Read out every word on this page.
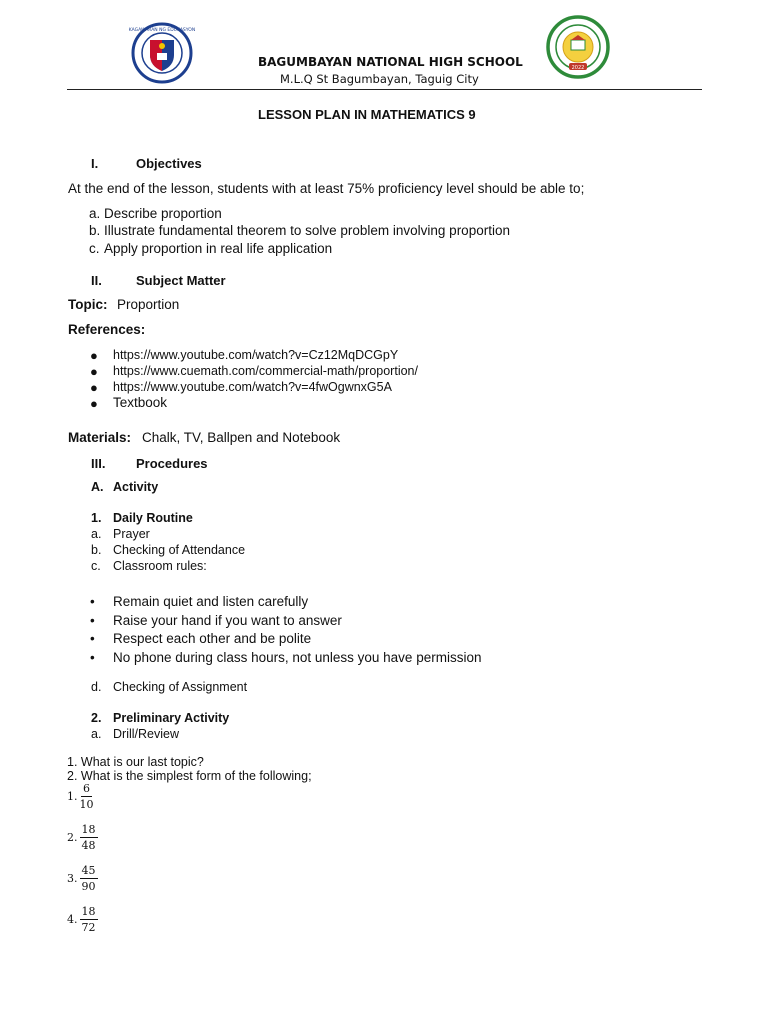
KAGAWARAN NG EDUKASYON
2022
BAGUMBAYAN NATIONAL HIGH SCHOOL
M.L.Q St Bagumbayan, Taguig City
LESSON PLAN IN MATHEMATICS 9
I.	Objectives
At the end of the lesson, students with at least 75% proficiency level should be able to;
a. Describe proportion
b. Illustrate fundamental theorem to solve problem involving proportion
c. Apply proportion in real life application
II.	Subject Matter
Topic: Proportion
References:
● https://www.youtube.com/watch?v=Cz12MqDCGpY
● https://www.cuemath.com/commercial-math/proportion/
● https://www.youtube.com/watch?v=4fwOgwnxG5A
● Textbook
Materials: Chalk, TV, Ballpen and Notebook
III. Procedures
A. Activity
1. Daily Routine
a. Prayer
b. Checking of Attendance
c. Classroom rules:
• Remain quiet and listen carefully
• Raise your hand if you want to answer
• Respect each other and be polite
• No phone during class hours, not unless you have permission
d. Checking of Assignment
2. Preliminary Activity
a. Drill/Review
1. What is our last topic?
2. What is the simplest form of the following;
1. $\frac{6}{10}$
2. $\frac{18}{48}$
3. $\frac{45}{90}$
4. $\frac{18}{72}$
